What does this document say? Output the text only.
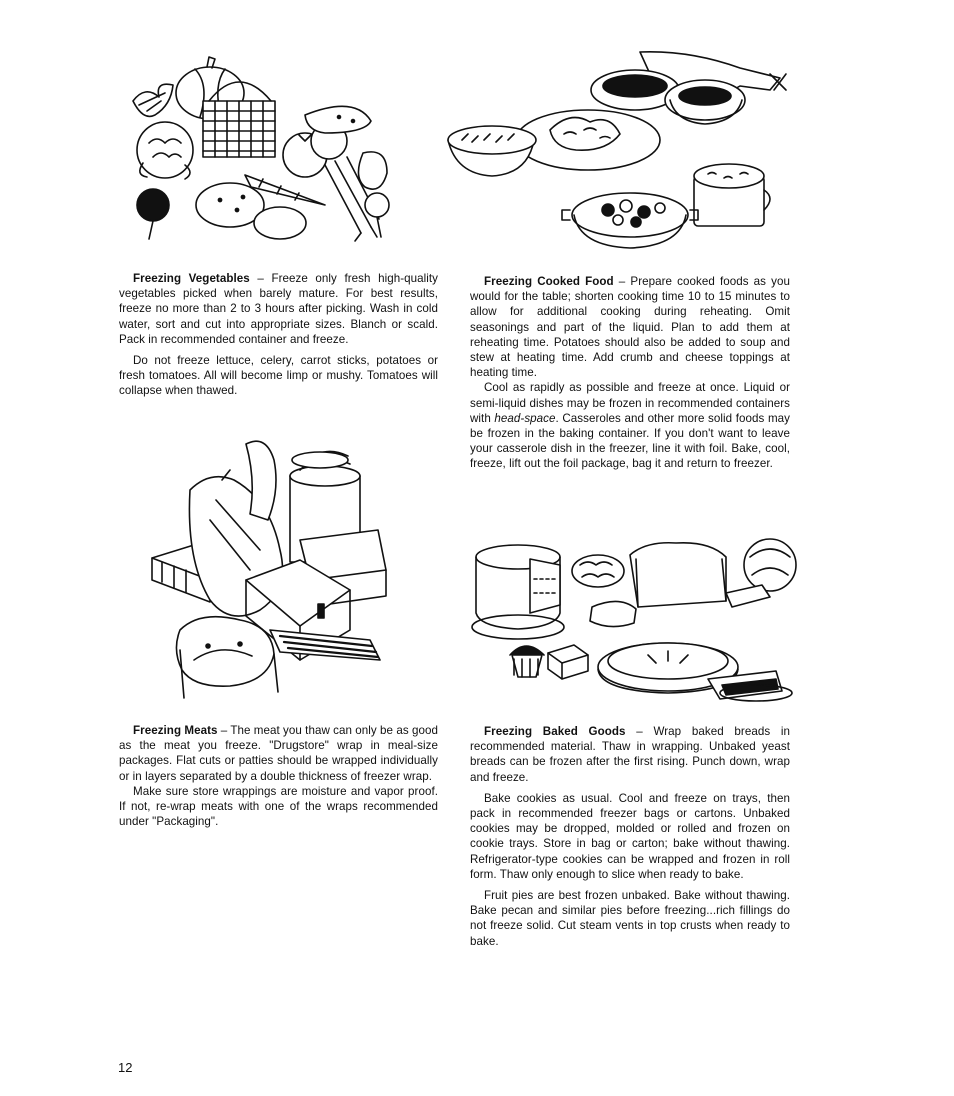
Freezing Vegetables – Freeze only fresh high-quality vegetables picked when barely mature. For best results, freeze no more than 2 to 3 hours after picking. Wash in cold water, sort and cut into appropriate sizes. Blanch or scald. Pack in recommended container and freeze.

Do not freeze lettuce, celery, carrot sticks, potatoes or fresh tomatoes. All will become limp or mushy. Tomatoes will collapse when thawed.

Freezing Cooked Food – Prepare cooked foods as you would for the table; shorten cooking time 10 to 15 minutes to allow for additional cooking during reheating. Omit seasonings and part of the liquid. Plan to add them at reheating time. Potatoes should also be added to soup and stew at heating time. Add crumb and cheese toppings at heating time.

Cool as rapidly as possible and freeze at once. Liquid or semi-liquid dishes may be frozen in recommended containers with head-space. Casseroles and other more solid foods may be frozen in the baking container. If you don't want to leave your casserole dish in the freezer, line it with foil. Bake, cool, freeze, lift out the foil package, bag it and return to freezer.

Freezing Meats – The meat you thaw can only be as good as the meat you freeze. "Drugstore" wrap in meal-size packages. Flat cuts or patties should be wrapped individually or in layers separated by a double thickness of freezer wrap.

Make sure store wrappings are moisture and vapor proof. If not, re-wrap meats with one of the wraps recommended under "Packaging".

Freezing Baked Goods – Wrap baked breads in recommended material. Thaw in wrapping. Unbaked yeast breads can be frozen after the first rising. Punch down, wrap and freeze.

Bake cookies as usual. Cool and freeze on trays, then pack in recommended freezer bags or cartons. Unbaked cookies may be dropped, molded or rolled and frozen on cookie trays. Store in bag or carton; bake without thawing. Refrigerator-type cookies can be wrapped and frozen in roll form. Thaw only enough to slice when ready to bake.

Fruit pies are best frozen unbaked. Bake without thawing. Bake pecan and similar pies before freezing...rich fillings do not freeze solid. Cut steam vents in top crusts when ready to bake.

12
